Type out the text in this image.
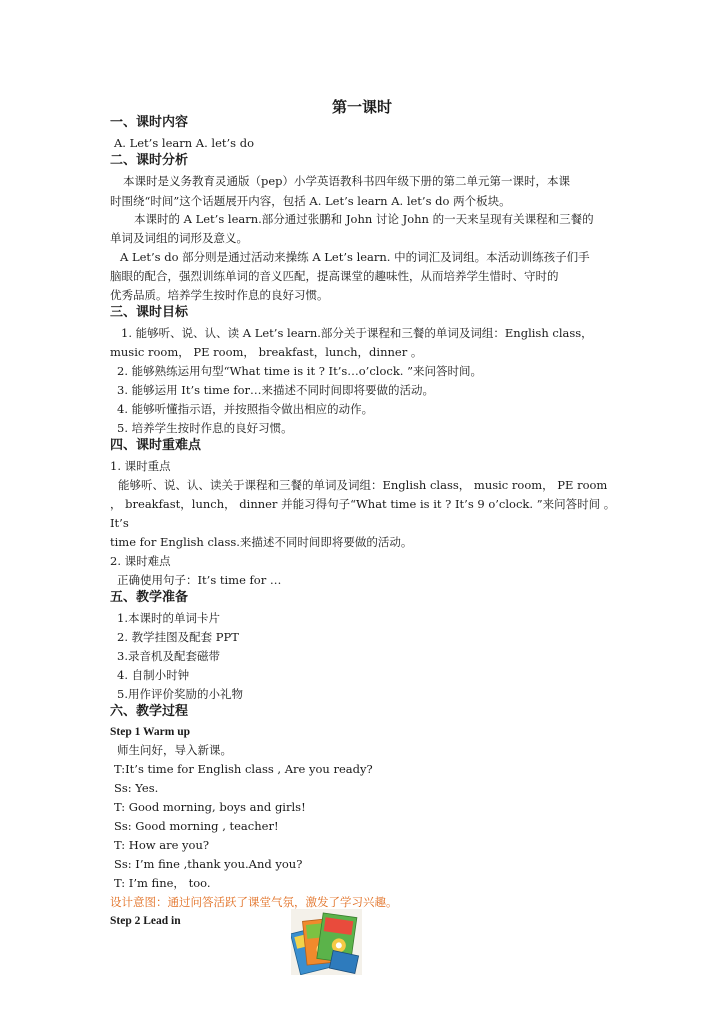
第一课时
一、课时内容
A. Let’s learn A. let’s do
二、课时分析
本课时是义务教育灵通版（pep）小学英语教科书四年级下册的第二单元第一课时，本课
时围绕“时间”这个话题展开内容，包括 A. Let’s learn A. let’s do 两个板块。
本课时的 A Let’s learn.部分通过张鹏和 John 讨论 John 的一天来呈现有关课程和三餐的
单词及词组的词形及意义。
A Let’s do 部分则是通过活动来操练 A Let’s learn. 中的词汇及词组。本活动训练孩子们手
脑眼的配合，强烈训练单词的音义匹配，提高课堂的趣味性，从而培养学生惜时、守时的
优秀品质。培养学生按时作息的良好习惯。
三、课时目标
1. 能够听、说、认、读 A Let’s learn.部分关于课程和三餐的单词及词组：English class，
music room， PE room， breakfast，lunch，dinner 。
2. 能够熟练运用句型“What time is it ? It’s…o’clock. ”来问答时间。
3. 能够运用 It’s time for…来描述不同时间即将要做的活动。
4. 能够听懂指示语，并按照指令做出相应的动作。
5. 培养学生按时作息的良好习惯。
四、课时重难点
1. 课时重点
能够听、说、认、读关于课程和三餐的单词及词组：English class， music room， PE room
， breakfast，lunch， dinner 并能习得句子“What time is it ? It’s 9 o’clock. ”来问答时间 。
It’s
time for English class.来描述不同时间即将要做的活动。
2. 课时难点
正确使用句子：It’s time for …
五、教学准备
1.本课时的单词卡片
2. 教学挂图及配套 PPT
3.录音机及配套磁带
4. 自制小时钟
5.用作评价奖励的小礼物
六、教学过程
Step 1 Warm up
师生问好，导入新课。
T:It’s time for English class , Are you ready?
Ss: Yes.
T: Good morning, boys and girls!
Ss: Good morning , teacher!
T: How are you?
Ss: I’m fine ,thank you.And you?
T: I’m fine， too.
设计意图：通过问答活跃了课堂气氛，激发了学习兴趣。
Step 2 Lead in
